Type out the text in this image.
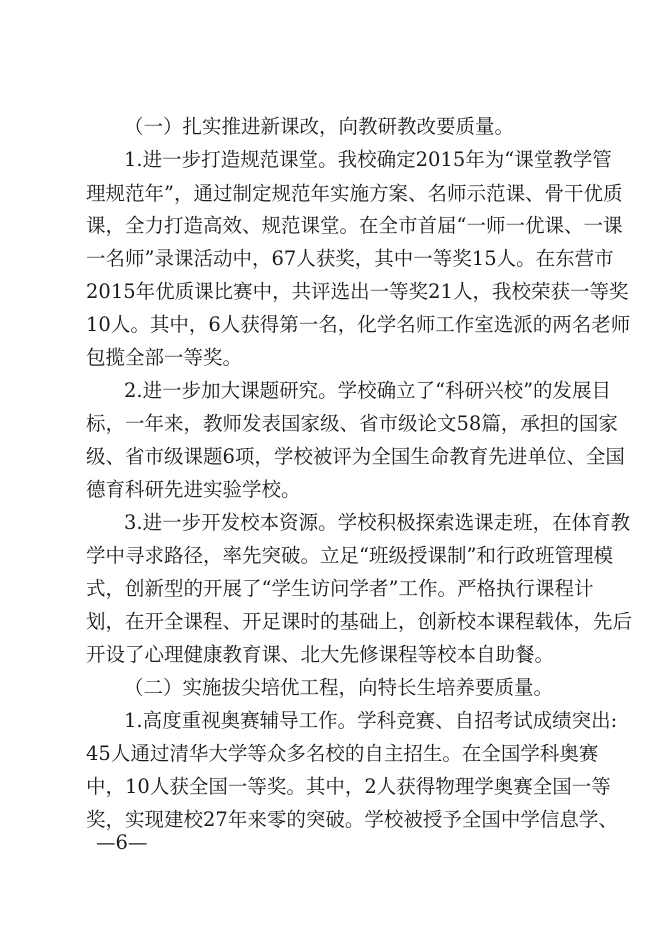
（一）扎实推进新课改，向教研教改要质量。
1.进一步打造规范课堂。我校确定2015年为“课堂教学管
理规范年”，通过制定规范年实施方案、名师示范课、骨干优质
课，全力打造高效、规范课堂。在全市首届“一师一优课、一课
一名师”录课活动中，67人获奖，其中一等奖15人。在东营市
2015年优质课比赛中，共评选出一等奖21人，我校荣获一等奖
10人。其中，6人获得第一名，化学名师工作室选派的两名老师
包揽全部一等奖。
2.进一步加大课题研究。学校确立了“科研兴校”的发展目
标，一年来，教师发表国家级、省市级论文58篇，承担的国家
级、省市级课题6项，学校被评为全国生命教育先进单位、全国
德育科研先进实验学校。
3.进一步开发校本资源。学校积极探索选课走班，在体育教
学中寻求路径，率先突破。立足“班级授课制”和行政班管理模
式，创新型的开展了“学生访问学者”工作。严格执行课程计
划，在开全课程、开足课时的基础上，创新校本课程载体，先后
开设了心理健康教育课、北大先修课程等校本自助餐。
（二）实施拔尖培优工程，向特长生培养要质量。
1.高度重视奥赛辅导工作。学科竞赛、自招考试成绩突出:
45人通过清华大学等众多名校的自主招生。在全国学科奥赛
中，10人获全国一等奖。其中，2人获得物理学奥赛全国一等
奖，实现建校27年来零的突破。学校被授予全国中学信息学、
—6—
